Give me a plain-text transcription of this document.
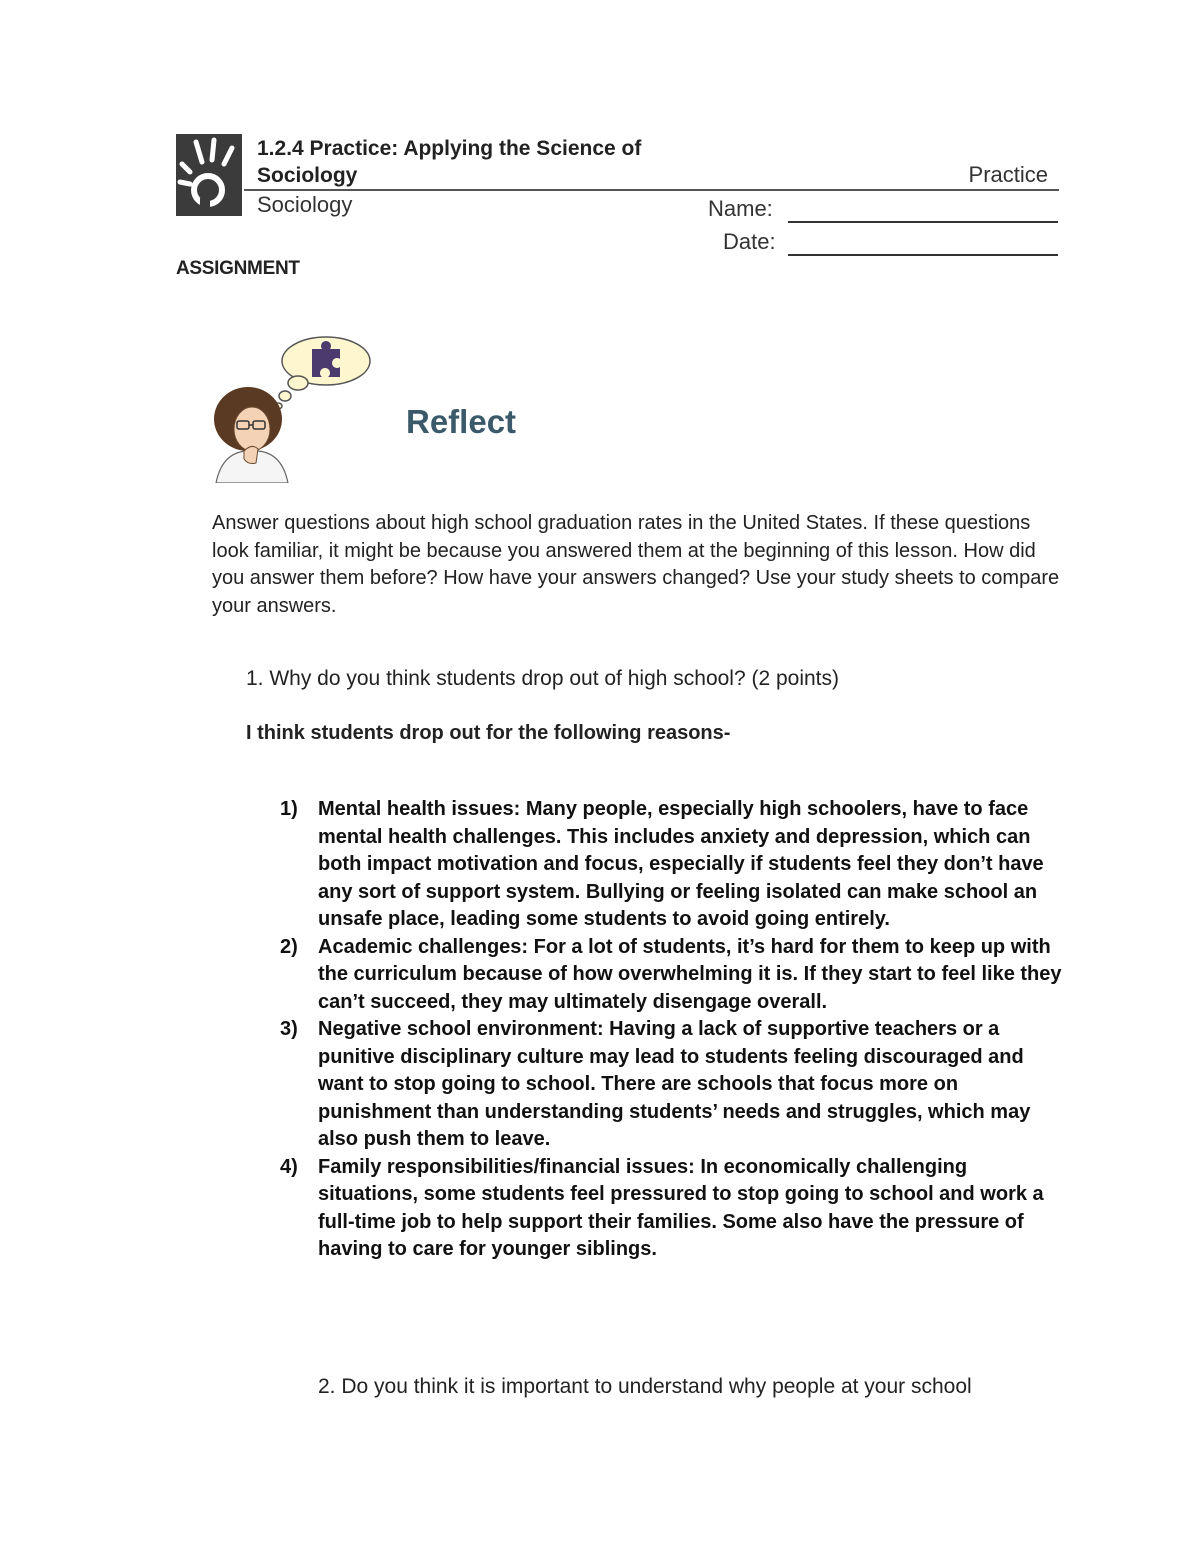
1.2.4 Practice: Applying the Science of Sociology	Practice
Sociology	Name:
Date:
ASSIGNMENT
Reflect

Answer questions about high school graduation rates in the United States. If these questions look familiar, it might be because you answered them at the beginning of this lesson. How did you answer them before? How have your answers changed? Use your study sheets to compare your answers.

1. Why do you think students drop out of high school? (2 points)
I think students drop out for the following reasons-
1) Mental health issues: Many people, especially high schoolers, have to face mental health challenges. This includes anxiety and depression, which can both impact motivation and focus, especially if students feel they don’t have any sort of support system. Bullying or feeling isolated can make school an unsafe place, leading some students to avoid going entirely.
2) Academic challenges: For a lot of students, it’s hard for them to keep up with the curriculum because of how overwhelming it is. If they start to feel like they can’t succeed, they may ultimately disengage overall.
3) Negative school environment: Having a lack of supportive teachers or a punitive disciplinary culture may lead to students feeling discouraged and want to stop going to school. There are schools that focus more on punishment than understanding students’ needs and struggles, which may also push them to leave.
4) Family responsibilities/financial issues: In economically challenging situations, some students feel pressured to stop going to school and work a full-time job to help support their families. Some also have the pressure of having to care for younger siblings.
2. Do you think it is important to understand why people at your school
